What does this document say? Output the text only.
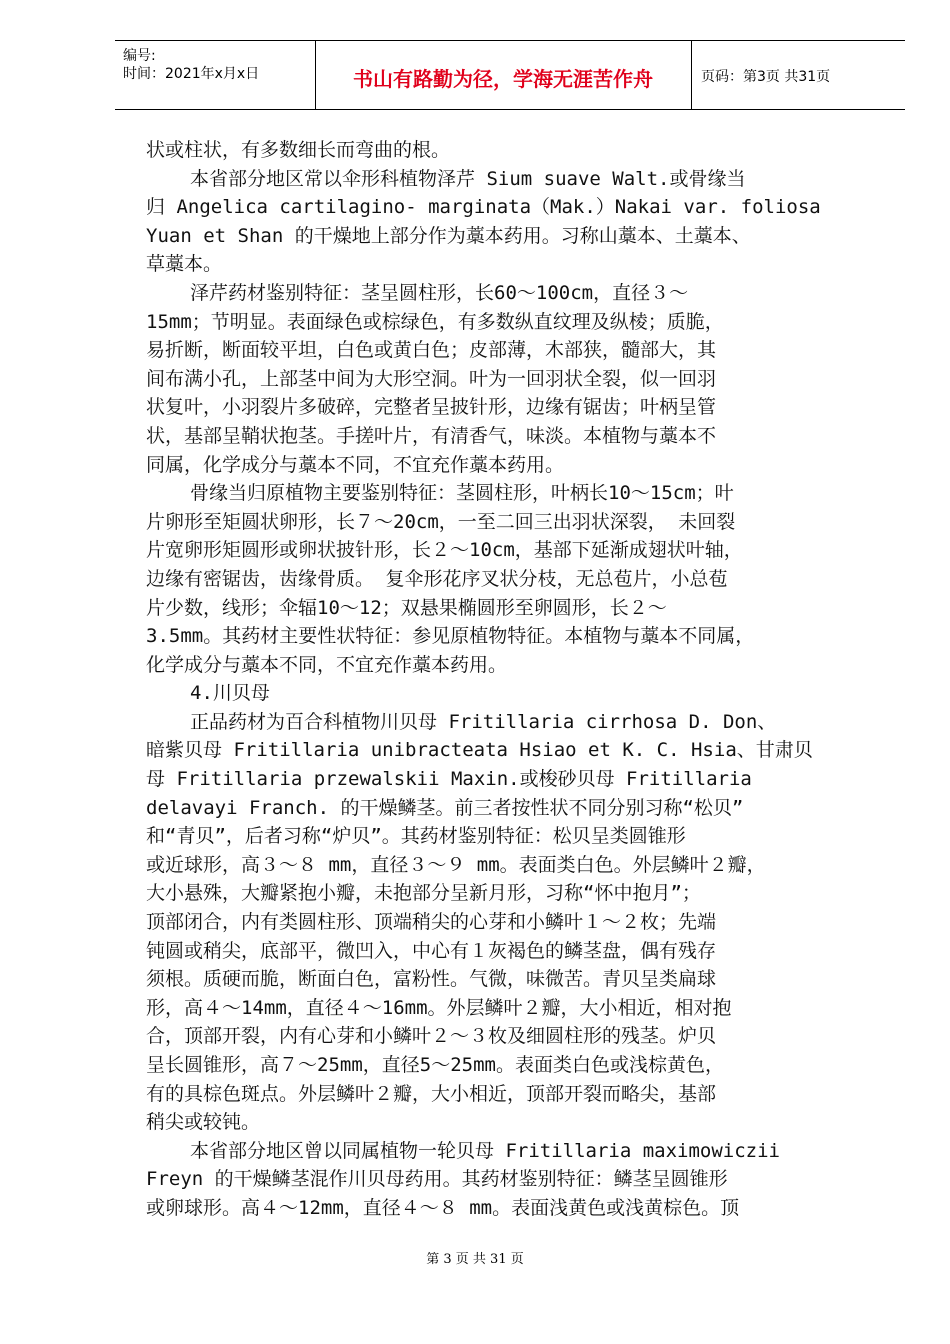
编号:
时间：2021年x月x日	书山有路勤为径，学海无涯苦作舟	页码：第3页 共31页
状或柱状，有多数细长而弯曲的根。
本省部分地区常以伞形科植物泽芹 Sium suave Walt.或骨缘当
归 Angelica cartilagino- marginata（Mak.）Nakai var. foliosa
Yuan et Shan 的干燥地上部分作为藁本药用。习称山藁本、土藁本、
草藁本。
泽芹药材鉴别特征：茎呈圆柱形，长60～100cm，直径３～
15mm；节明显。表面绿色或棕绿色，有多数纵直纹理及纵棱；质脆，
易折断，断面较平坦，白色或黄白色；皮部薄，木部狭，髓部大，其
间布满小孔，上部茎中间为大形空洞。叶为一回羽状全裂，似一回羽
状复叶，小羽裂片多破碎，完整者呈披针形，边缘有锯齿；叶柄呈管
状，基部呈鞘状抱茎。手搓叶片，有清香气，味淡。本植物与藁本不
同属，化学成分与藁本不同，不宜充作藁本药用。
骨缘当归原植物主要鉴别特征：茎圆柱形，叶柄长10～15cm；叶
片卵形至矩圆状卵形，长７～20cm，一至二回三出羽状深裂， 未回裂
片宽卵形矩圆形或卵状披针形，长２～10cm，基部下延渐成翅状叶轴，
边缘有密锯齿，齿缘骨质。 复伞形花序叉状分枝，无总苞片，小总苞
片少数，线形；伞辐10～12；双悬果椭圆形至卵圆形，长２～
3.5mm。其药材主要性状特征：参见原植物特征。本植物与藁本不同属，
化学成分与藁本不同，不宜充作藁本药用。
4.川贝母
正品药材为百合科植物川贝母 Fritillaria cirrhosa D. Don、
暗紫贝母 Fritillaria unibracteata Hsiao et K. C. Hsia、甘肃贝
母 Fritillaria przewalskii Maxin.或梭砂贝母 Fritillaria
delavayi Franch. 的干燥鳞茎。前三者按性状不同分别习称“松贝”
和“青贝”，后者习称“炉贝”。其药材鉴别特征：松贝呈类圆锥形
或近球形，高３～８ mm，直径３～９ mm。表面类白色。外层鳞叶２瓣，
大小悬殊，大瓣紧抱小瓣，未抱部分呈新月形，习称“怀中抱月”；
顶部闭合，内有类圆柱形、顶端稍尖的心芽和小鳞叶１～２枚；先端
钝圆或稍尖，底部平，微凹入，中心有１灰褐色的鳞茎盘，偶有残存
须根。质硬而脆，断面白色，富粉性。气微，味微苦。青贝呈类扁球
形，高４～14mm，直径４～16mm。外层鳞叶２瓣，大小相近，相对抱
合，顶部开裂，内有心芽和小鳞叶２～３枚及细圆柱形的残茎。炉贝
呈长圆锥形，高７～25mm，直径5～25mm。表面类白色或浅棕黄色，
有的具棕色斑点。外层鳞叶２瓣，大小相近，顶部开裂而略尖，基部
稍尖或较钝。
本省部分地区曾以同属植物一轮贝母 Fritillaria maximowiczii
Freyn 的干燥鳞茎混作川贝母药用。其药材鉴别特征：鳞茎呈圆锥形
或卵球形。高４～12mm，直径４～８ mm。表面浅黄色或浅黄棕色。顶
第 3 页 共 31 页
